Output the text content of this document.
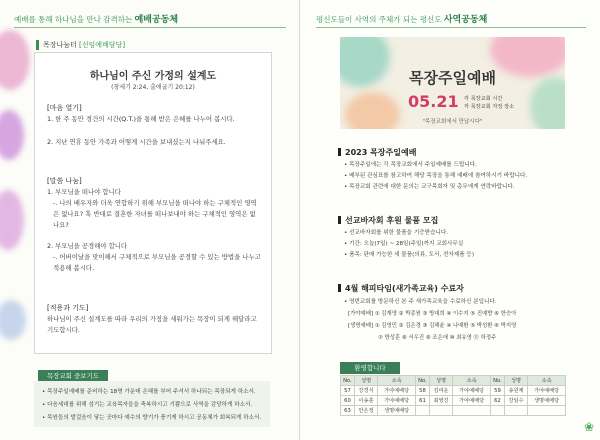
예배를 통해 하나님을 만나 감격하는 예배공동체
목장나눔터 [선임예배담당]
하나님이 주신 가정의 설계도
(창세기 2:24, 출애굽기 20:12)
[마음 열기]
1. 한 주 동안 경건의 시간(Q.T.)을 통해 받은 은혜를 나누어 봅시다.
2. 지난 연휴 동안 가족과 어떻게 시간을 보내셨는지 나눠주세요.
[말씀 나눔]
1. 부모님을 떠나야 합니다
-. 나의 배우자와 더욱 연합하기 위해 부모님을 떠나야 하는 구체적인 영역은 없나요? 혹 반대로 결혼한 자녀를 떠나보내야 하는 구체적인 영역은 없나요?
2. 부모님을 공경해야 합니다
-. 어버이날을 맞이해서 구체적으로 부모님을 공경할 수 있는 방법을 나누고 적용해 봅시다.
[적용과 기도]
하나님이 주신 설계도를 따라 우리의 가정을 세워가는 목장이 되게 해달라고 기도합시다.
목장교회 중보기도
• 목장주일예배를 준비하는 18명 가운데 은혜를 부어 주셔서 하나되는 목장되게 하소서.
• 다음세대를 위해 섬기는 교육목자들을 축복하시고 기쁨으로 사역을 감당하게 하소서.
• 목원들의 발걸음이 닿는 곳마다 예수의 향기가 풍기게 하시고 공동체가 회복되게 하소서.
평신도들이 사역의 주체가 되는 평신도 사역공동체
목장주일예배
05.21 각 목장교회 시간
각 목장교회 자정 장소
"목장교회에서 만납시다"
2023 목장주일예배
• 목장주일에는 각 목장교회에서 주일예배를 드립니다.
• 배부된 관심표를 참고하여 해당 목장을 통해 예배에 참여하시기 바랍니다.
• 목장교회 관련에 대한 문의는 교구목회자 및 총무에게 연락바랍니다.
선교바자회 후원 물품 모집
• 선교바자회를 위한 물품을 기증받습니다.
• 기간: 오늘(7일) ~ 28일(주일)까지 교회사무실
• 품목: 판매 가능한 새 물품(의류, 도서, 전자제품 등)
4월 해피타임(새가족교육) 수료자
• 영번교회를 방문하신 본 주 새가족교육을 수료하신 분입니다.
[가야예배] ① 김재영 ② 박종원 ③ 방대희 ④ 이수지 ⑤ 진예향 ⑥ 한승아
[생명예배] ① 김영민 ② 김은경 ③ 김해윤 ④ 나예환 ⑤ 박성환 ⑥ 박지영
⑦ 방성훈 ⑧ 서우진 ⑨ 조은애 ⑩ 최유영 ⑪ 하정주
환영합니다
No.	성명	소속	No.	성명	소속	No.	성명	소속
57	강경식	가야예배당	58	김여운	가야예배당	59	송원재	가야예배당
60	이송훈	가야예배당	61	최영진	가야예배당	62	강임수	생명예배당
63	안은정	생명예배당						
❀
